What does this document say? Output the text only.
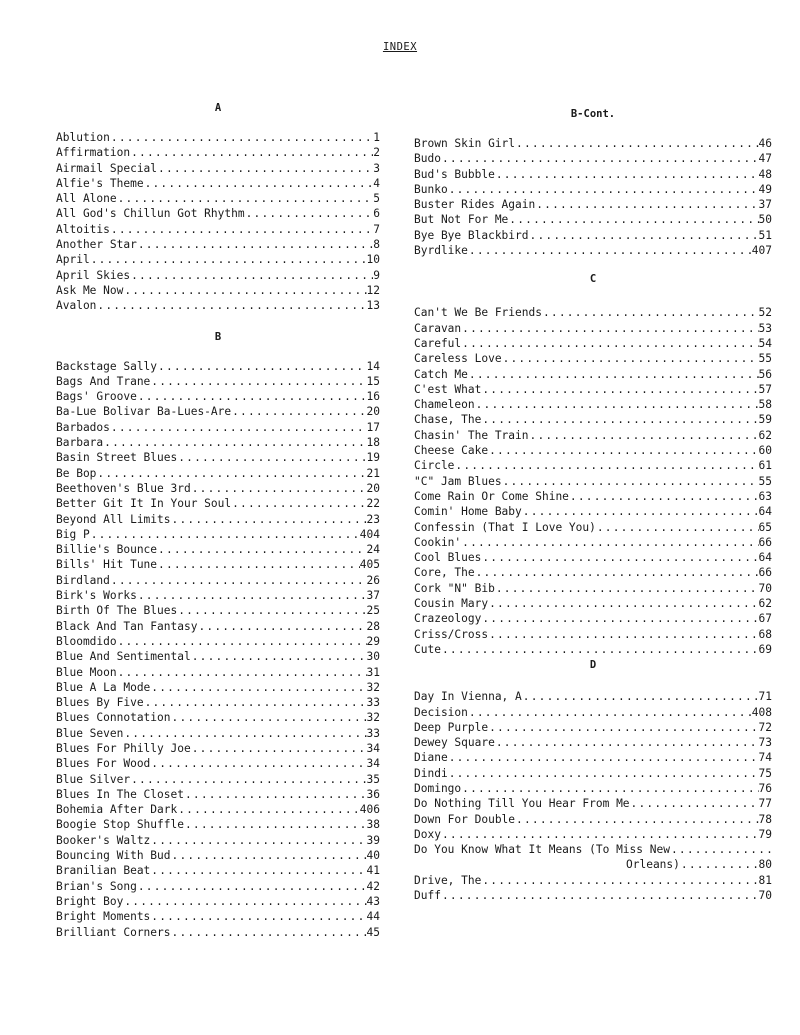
INDEX
A
Ablution .....	1
Affirmation .....	2
Airmail Special .....	3
Alfie's Theme .....	4
All Alone .....	5
All God's Chillun Got Rhythm .....	6
Altoitis .....	7
Another Star .....	8
April .....	10
April Skies .....	9
Ask Me Now .....	12
Avalon .....	13
B
Backstage Sally .....	14
Bags And Trane .....	15
Bags' Groove .....	16
Ba-Lue Bolivar Ba-Lues-Are .....	20
Barbados .....	17
Barbara .....	18
Basin Street Blues .....	19
Be Bop .....	21
Beethoven's Blue 3rd .....	20
Better Git It In Your Soul .....	22
Beyond All Limits .....	23
Big P .....	404
Billie's Bounce .....	24
Bills' Hit Tune .....	405
Birdland .....	26
Birk's Works .....	37
Birth Of The Blues .....	25
Black And Tan Fantasy .....	28
Bloomdido .....	29
Blue And Sentimental .....	30
Blue Moon .....	31
Blue A La Mode .....	32
Blues By Five .....	33
Blues Connotation .....	32
Blue Seven .....	33
Blues For Philly Joe .....	34
Blues For Wood .....	34
Blue Silver .....	35
Blues In The Closet .....	36
Bohemia After Dark .....	406
Boogie Stop Shuffle .....	38
Booker's Waltz .....	39
Bouncing With Bud .....	40
Branilian Beat .....	41
Brian's Song .....	42
Bright Boy .....	43
Bright Moments .....	44
Brilliant Corners .....	45
B-Cont.
Brown Skin Girl .....	46
Budo .....	47
Bud's Bubble .....	48
Bunko .....	49
Buster Rides Again .....	37
But Not For Me .....	50
Bye Bye Blackbird .....	51
Byrdlike .....	407
C
Can't We Be Friends .....	52
Caravan .....	53
Careful .....	54
Careless Love .....	55
Catch Me .....	56
C'est What .....	57
Chameleon .....	58
Chase, The .....	59
Chasin' The Train .....	62
Cheese Cake .....	60
Circle .....	61
"C" Jam Blues .....	55
Come Rain Or Come Shine .....	63
Comin' Home Baby .....	64
Confessin (That I Love You) .....	65
Cookin' .....	66
Cool Blues .....	64
Core, The .....	66
Cork "N" Bib .....	70
Cousin Mary .....	62
Crazeology .....	67
Criss/Cross .....	68
Cute .....	69
D
Day In Vienna, A .....	71
Decision .....	408
Deep Purple .....	72
Dewey Square .....	73
Diane .....	74
Dindi .....	75
Domingo .....	76
Do Nothing Till You Hear From Me .....	77
Down For Double .....	78
Doxy .....	79
Do You Know What It Means (To Miss New
.....
Orleans) .....	80
Drive, The .....	81
Duff .....	70
